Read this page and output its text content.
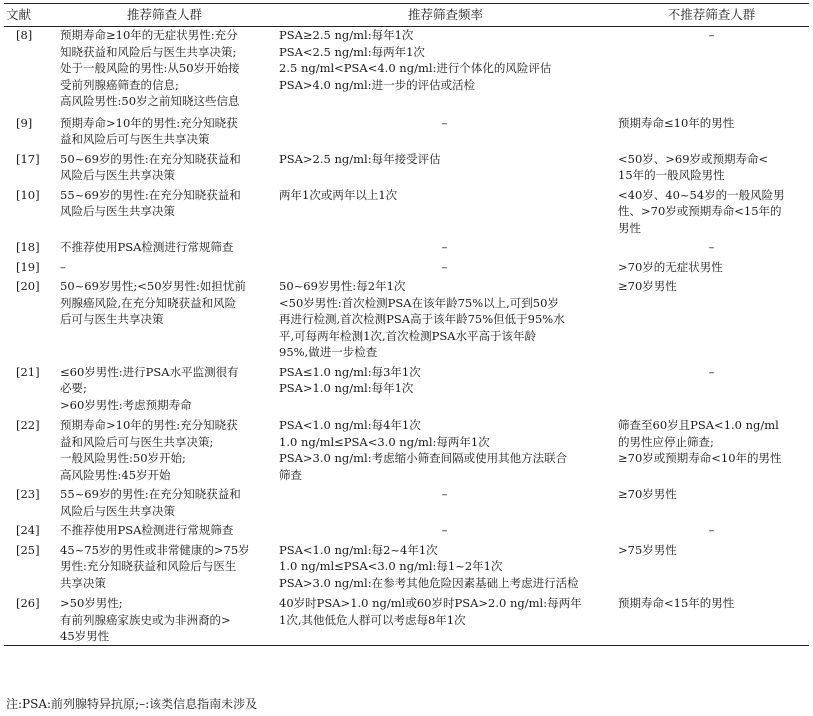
文献	推荐筛查人群	推荐筛查频率	不推荐筛查人群
[8]	预期寿命≥10年的无症状男性:充分
知晓获益和风险后与医生共享决策;
处于一般风险的男性:从50岁开始接
受前列腺癌筛查的信息;
高风险男性:50岁之前知晓这些信息	PSA≥2.5 ng/ml:每年1次
PSA<2.5 ng/ml:每两年1次
2.5 ng/ml<PSA<4.0 ng/ml:进行个体化的风险评估
PSA>4.0 ng/ml:进一步的评估或活检	–
[9]	预期寿命>10年的男性:充分知晓获
益和风险后可与医生共享决策	–	预期寿命≤10年的男性
[17]	50~69岁的男性:在充分知晓获益和
风险后与医生共享决策	PSA>2.5 ng/ml:每年接受评估	<50岁、>69岁或预期寿命<
15年的一般风险男性
[10]	55~69岁的男性:在充分知晓获益和
风险后与医生共享决策	两年1次或两年以上1次	<40岁、40~54岁的一般风险男
性、>70岁或预期寿命<15年的
男性
[18]	不推荐使用PSA检测进行常规筛查	–	–
[19]	–	–	>70岁的无症状男性
[20]	50~69岁男性;<50岁男性:如担忧前
列腺癌风险,在充分知晓获益和风险
后可与医生共享决策	50~69岁男性:每2年1次
<50岁男性:首次检测PSA在该年龄75%以上,可到50岁
再进行检测,首次检测PSA高于该年龄75%但低于95%水
平,可每两年检测1次,首次检测PSA水平高于该年龄
95%,做进一步检查	≥70岁男性
[21]	≤60岁男性:进行PSA水平监测很有
必要;
>60岁男性:考虑预期寿命	PSA≤1.0 ng/ml:每3年1次
PSA>1.0 ng/ml:每年1次	–
[22]	预期寿命>10年的男性:充分知晓获
益和风险后可与医生共享决策;
一般风险男性:50岁开始;
高风险男性:45岁开始	PSA<1.0 ng/ml:每4年1次
1.0 ng/ml≤PSA<3.0 ng/ml:每两年1次
PSA>3.0 ng/ml:考虑缩小筛查间隔或使用其他方法联合
筛查	筛查至60岁且PSA<1.0 ng/ml
的男性应停止筛查;
≥70岁或预期寿命<10年的男性
[23]	55~69岁的男性:在充分知晓获益和
风险后与医生共享决策	–	≥70岁男性
[24]	不推荐使用PSA检测进行常规筛查	–	–
[25]	45~75岁的男性或非常健康的>75岁
男性:充分知晓获益和风险后与医生
共享决策	PSA<1.0 ng/ml:每2~4年1次
1.0 ng/ml≤PSA<3.0 ng/ml:每1~2年1次
PSA>3.0 ng/ml:在参考其他危险因素基础上考虑进行活检	>75岁男性
[26]	>50岁男性;
有前列腺癌家族史或为非洲裔的>
45岁男性	40岁时PSA>1.0 ng/ml或60岁时PSA>2.0 ng/ml:每两年
1次,其他低危人群可以考虑每8年1次	预期寿命<15年的男性
注:PSA:前列腺特异抗原;–:该类信息指南未涉及
